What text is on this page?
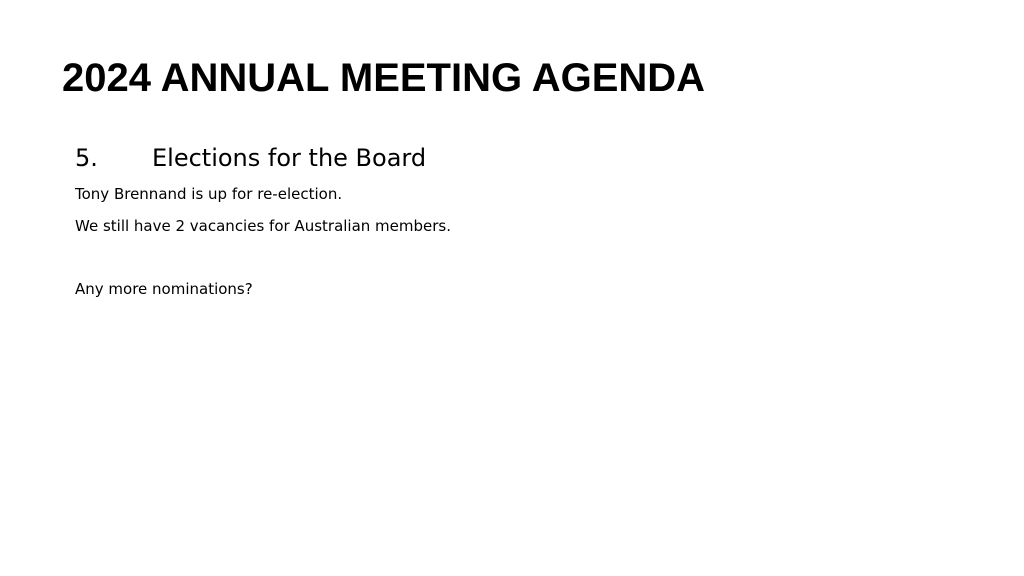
2024 ANNUAL MEETING AGENDA
5.	Elections for the Board

Tony Brennand is up for re-election.

We still have 2 vacancies for Australian members.

Any more nominations?
